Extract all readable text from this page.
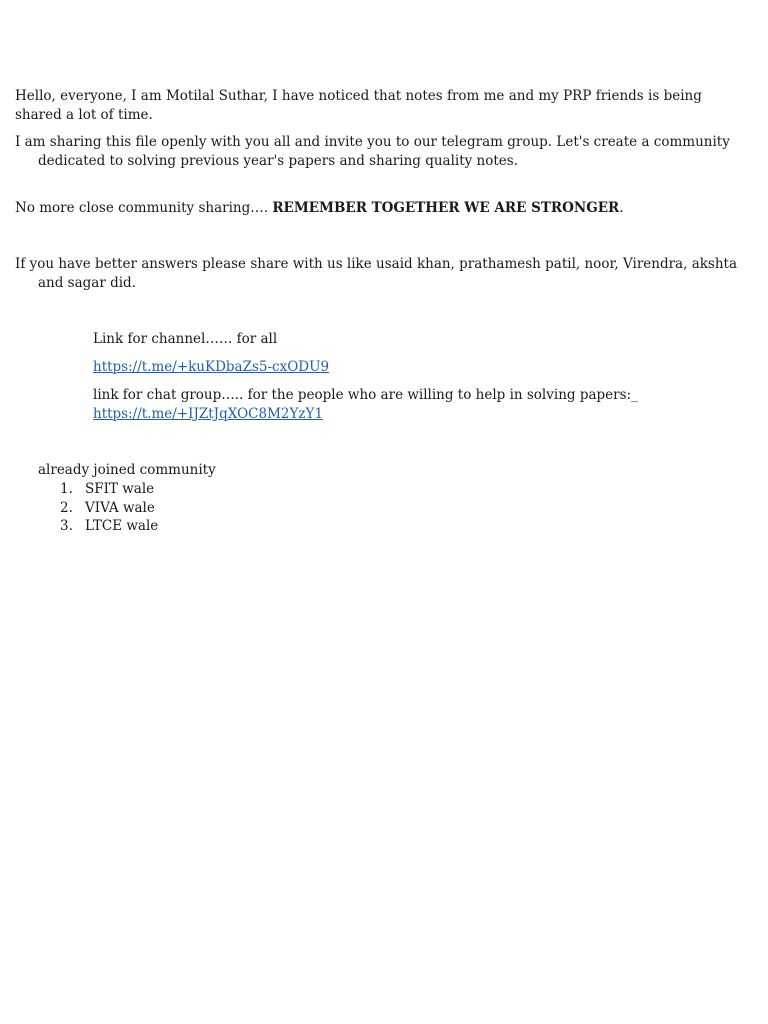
Hello, everyone, I am Motilal Suthar, I have noticed that notes from me and my PRP friends is being shared a lot of time.

I am sharing this file openly with you all and invite you to our telegram group. Let's create a community dedicated to solving previous year's papers and sharing quality notes.

No more close community sharing…. REMEMBER TOGETHER WE ARE STRONGER.

If you have better answers please share with us like usaid khan, prathamesh patil, noor, Virendra, akshta and sagar did.

Link for channel…… for all

https://t.me/+kuKDbaZs5-cxODU9

link for chat group….. for the people who are willing to help in solving papers:_ https://t.me/+IJZtJqXOC8M2YzY1

already joined community

1. SFIT wale
2. VIVA wale
3. LTCE wale
